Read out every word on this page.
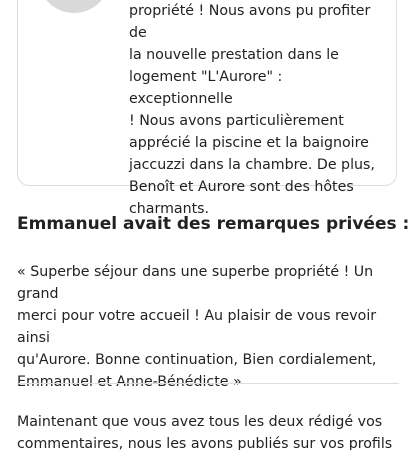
propriété ! Nous avons pu profiter de
la nouvelle prestation dans le
logement "L'Aurore" : exceptionnelle
! Nous avons particulièrement
apprécié la piscine et la baignoire
jaccuzzi dans la chambre. De plus,
Benoît et Aurore sont des hôtes
charmants.

Emmanuel avait des remarques privées :

« Superbe séjour dans une superbe propriété ! Un grand
merci pour votre accueil ! Au plaisir de vous revoir ainsi
qu'Aurore. Bonne continuation, Bien cordialement,
Emmanuel et Anne-Bénédicte »

Maintenant que vous avez tous les deux rédigé vos
commentaires, nous les avons publiés sur vos profils
